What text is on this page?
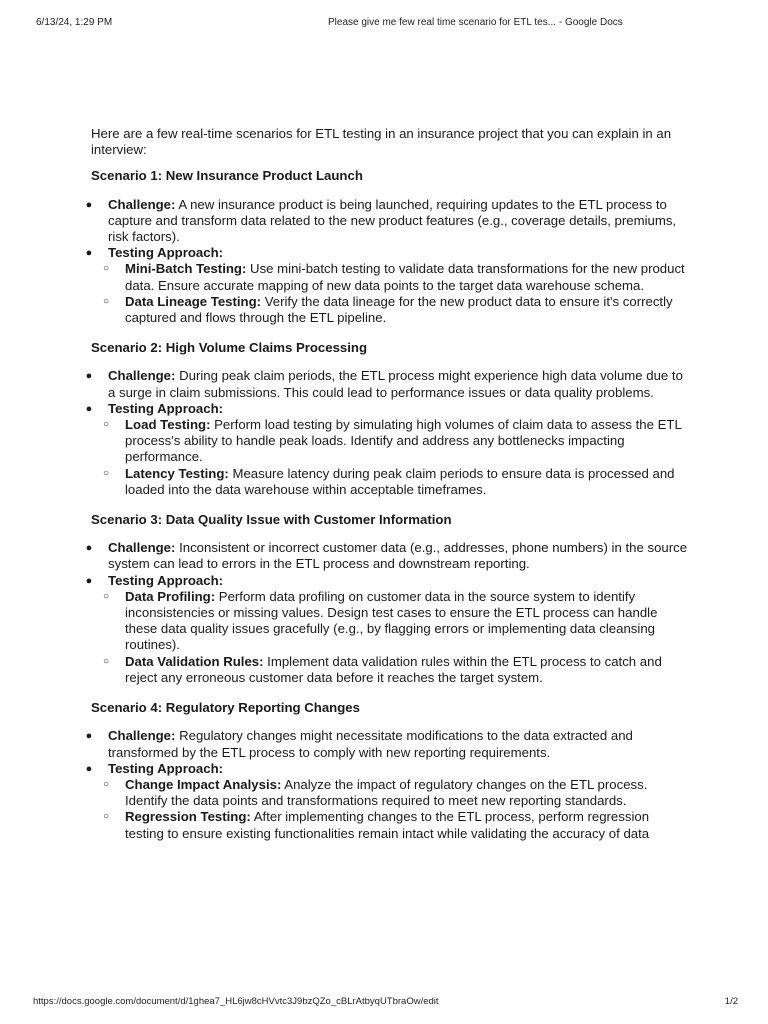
6/13/24, 1:29 PM	Please give me few real time scenario for ETL tes... - Google Docs

Here are a few real-time scenarios for ETL testing in an insurance project that you can explain in an interview:

Scenario 1: New Insurance Product Launch

● Challenge: A new insurance product is being launched, requiring updates to the ETL process to capture and transform data related to the new product features (e.g., coverage details, premiums, risk factors).
● Testing Approach:
○ Mini-Batch Testing: Use mini-batch testing to validate data transformations for the new product data. Ensure accurate mapping of new data points to the target data warehouse schema.
○ Data Lineage Testing: Verify the data lineage for the new product data to ensure it's correctly captured and flows through the ETL pipeline.

Scenario 2: High Volume Claims Processing

● Challenge: During peak claim periods, the ETL process might experience high data volume due to a surge in claim submissions. This could lead to performance issues or data quality problems.
● Testing Approach:
○ Load Testing: Perform load testing by simulating high volumes of claim data to assess the ETL process's ability to handle peak loads. Identify and address any bottlenecks impacting performance.
○ Latency Testing: Measure latency during peak claim periods to ensure data is processed and loaded into the data warehouse within acceptable timeframes.

Scenario 3: Data Quality Issue with Customer Information

● Challenge: Inconsistent or incorrect customer data (e.g., addresses, phone numbers) in the source system can lead to errors in the ETL process and downstream reporting.
● Testing Approach:
○ Data Profiling: Perform data profiling on customer data in the source system to identify inconsistencies or missing values. Design test cases to ensure the ETL process can handle these data quality issues gracefully (e.g., by flagging errors or implementing data cleansing routines).
○ Data Validation Rules: Implement data validation rules within the ETL process to catch and reject any erroneous customer data before it reaches the target system.

Scenario 4: Regulatory Reporting Changes

● Challenge: Regulatory changes might necessitate modifications to the data extracted and transformed by the ETL process to comply with new reporting requirements.
● Testing Approach:
○ Change Impact Analysis: Analyze the impact of regulatory changes on the ETL process. Identify the data points and transformations required to meet new reporting standards.
○ Regression Testing: After implementing changes to the ETL process, perform regression testing to ensure existing functionalities remain intact while validating the accuracy of data
https://docs.google.com/document/d/1ghea7_HL6jw8cHVvtc3J9bzQZo_cBLrAtbyqUTbraOw/edit	1/2
